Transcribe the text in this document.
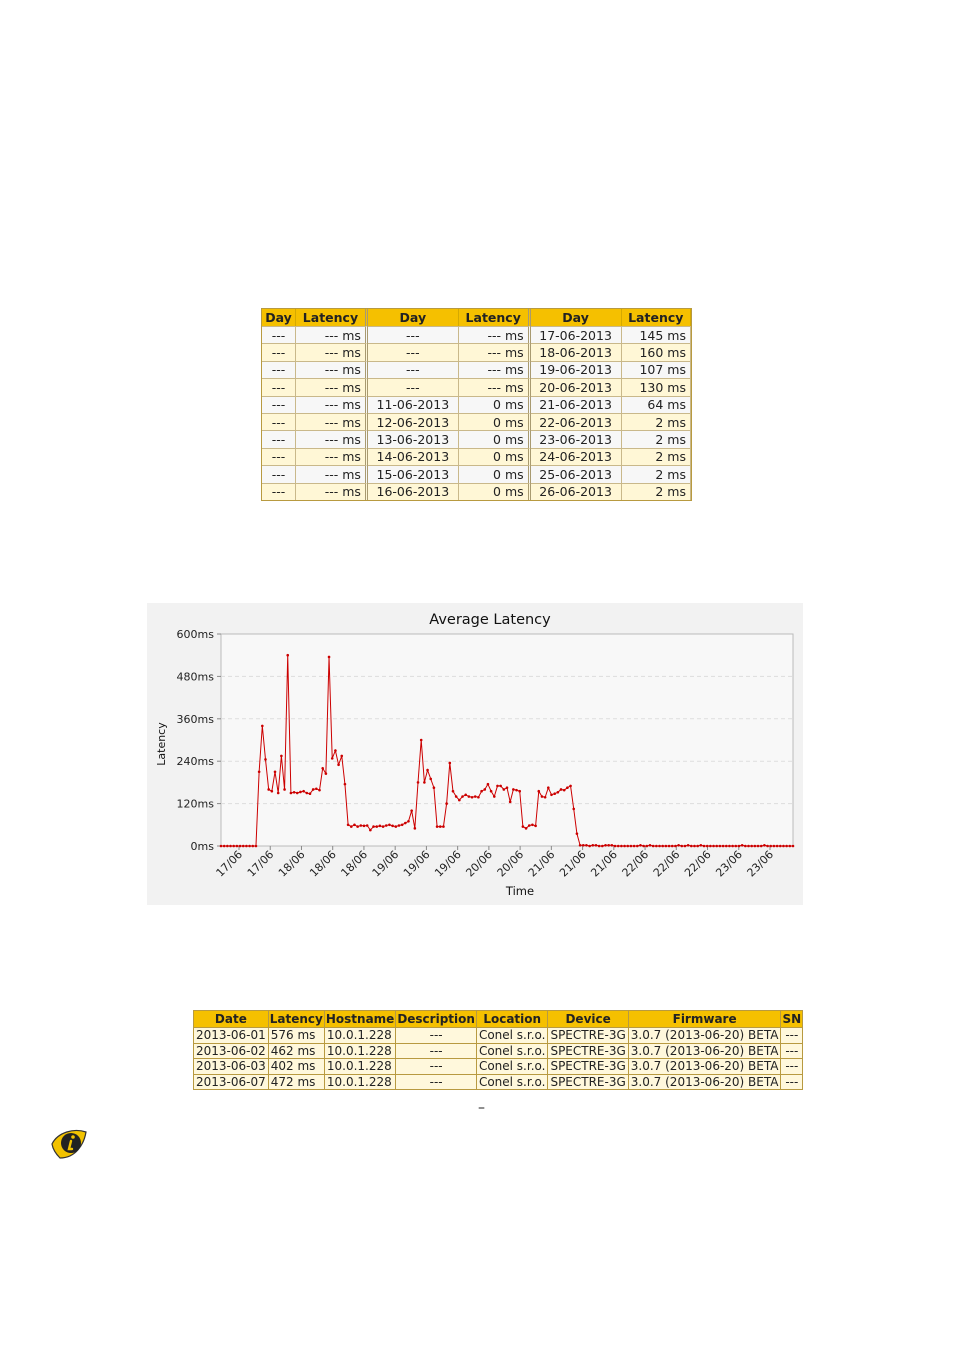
Day	Latency	Day	Latency	Day	Latency
---	--- ms	---	--- ms	17-06-2013	145 ms
---	--- ms	---	--- ms	18-06-2013	160 ms
---	--- ms	---	--- ms	19-06-2013	107 ms
---	--- ms	---	--- ms	20-06-2013	130 ms
---	--- ms	11-06-2013	0 ms	21-06-2013	64 ms
---	--- ms	12-06-2013	0 ms	22-06-2013	2 ms
---	--- ms	13-06-2013	0 ms	23-06-2013	2 ms
---	--- ms	14-06-2013	0 ms	24-06-2013	2 ms
---	--- ms	15-06-2013	0 ms	25-06-2013	2 ms
---	--- ms	16-06-2013	0 ms	26-06-2013	2 ms
Average Latency
Latency
Time
0ms
120ms
240ms
360ms
480ms
600ms
17/06 17/06 18/06 18/06 18/06 19/06 19/06 19/06 20/06 20/06 21/06 21/06 21/06 22/06 22/06 22/06 23/06 23/06
Date	Latency	Hostname	Description	Location	Device	Firmware	SN
2013-06-01	576 ms	10.0.1.228	---	Conel s.r.o.	SPECTRE-3G	3.0.7 (2013-06-20) BETA	---
2013-06-02	462 ms	10.0.1.228	---	Conel s.r.o.	SPECTRE-3G	3.0.7 (2013-06-20) BETA	---
2013-06-03	402 ms	10.0.1.228	---	Conel s.r.o.	SPECTRE-3G	3.0.7 (2013-06-20) BETA	---
2013-06-07	472 ms	10.0.1.228	---	Conel s.r.o.	SPECTRE-3G	3.0.7 (2013-06-20) BETA	---
–
